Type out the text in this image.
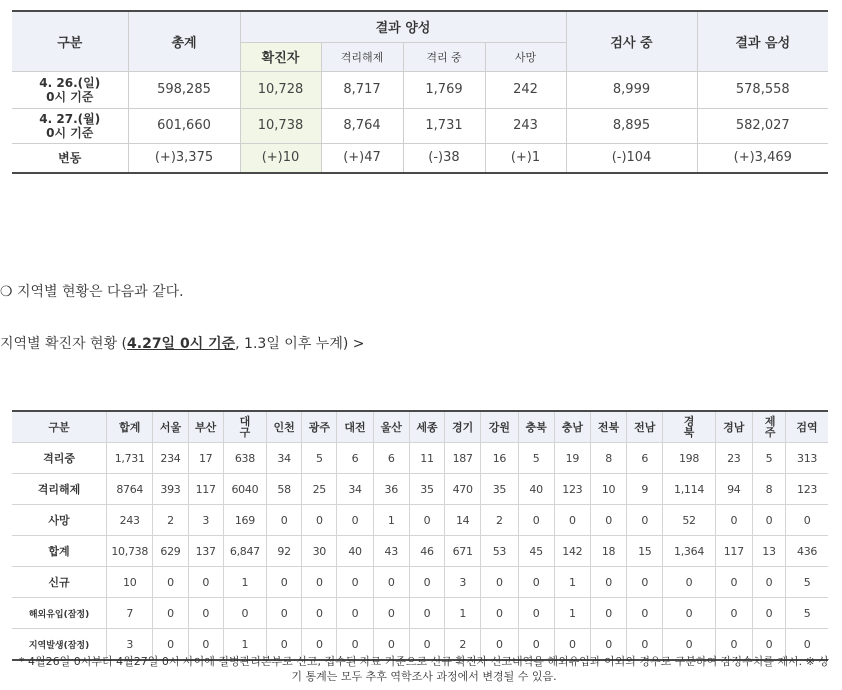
구분	총계	결과 양성				검사 중	결과 음성
		확진자	격리해제	격리 중	사망		
4. 26.(일)
0시 기준	598,285	10,728	8,717	1,769	242	8,999	578,558
4. 27.(월)
0시 기준	601,660	10,738	8,764	1,731	243	8,895	582,027
변동	(+)3,375	(+)10	(+)47	(-)38	(+)1	(-)104	(+)3,469
❍ 지역별 현황은 다음과 같다.
지역별 확진자 현황 (4.27일 0시 기준, 1.3일 이후 누계) >
구분	합계	서울	부산	대구	인천	광주	대전	울산	세종	경기	강원	충북	충남	전북	전남	경북	경남	제주	검역
격리중	1,731	234	17	638	34	5	6	6	11	187	16	5	19	8	6	198	23	5	313
격리해제	8764	393	117	6040	58	25	34	36	35	470	35	40	123	10	9	1,114	94	8	123
사망	243	2	3	169	0	0	0	1	0	14	2	0	0	0	0	52	0	0	0
합계	10,738	629	137	6,847	92	30	40	43	46	671	53	45	142	18	15	1,364	117	13	436
신규	10	0	0	1	0	0	0	0	0	3	0	0	1	0	0	0	0	0	5
해외유입(잠정)	7	0	0	0	0	0	0	0	0	1	0	0	1	0	0	0	0	0	5
지역발생(잠정)	3	0	0	1	0	0	0	0	0	2	0	0	0	0	0	0	0	0	0
* 4월26일 0시부터 4월27일 0시 사이에 질병관리본부로 신고, 접수된 자료 기준으로 신규 확진자 신고내역을 해외유입과 이외의 경우로 구분하여 잠정수치를 제시. ※ 상기 통계는 모두 추후 역학조사 과정에서 변경될 수 있음.
